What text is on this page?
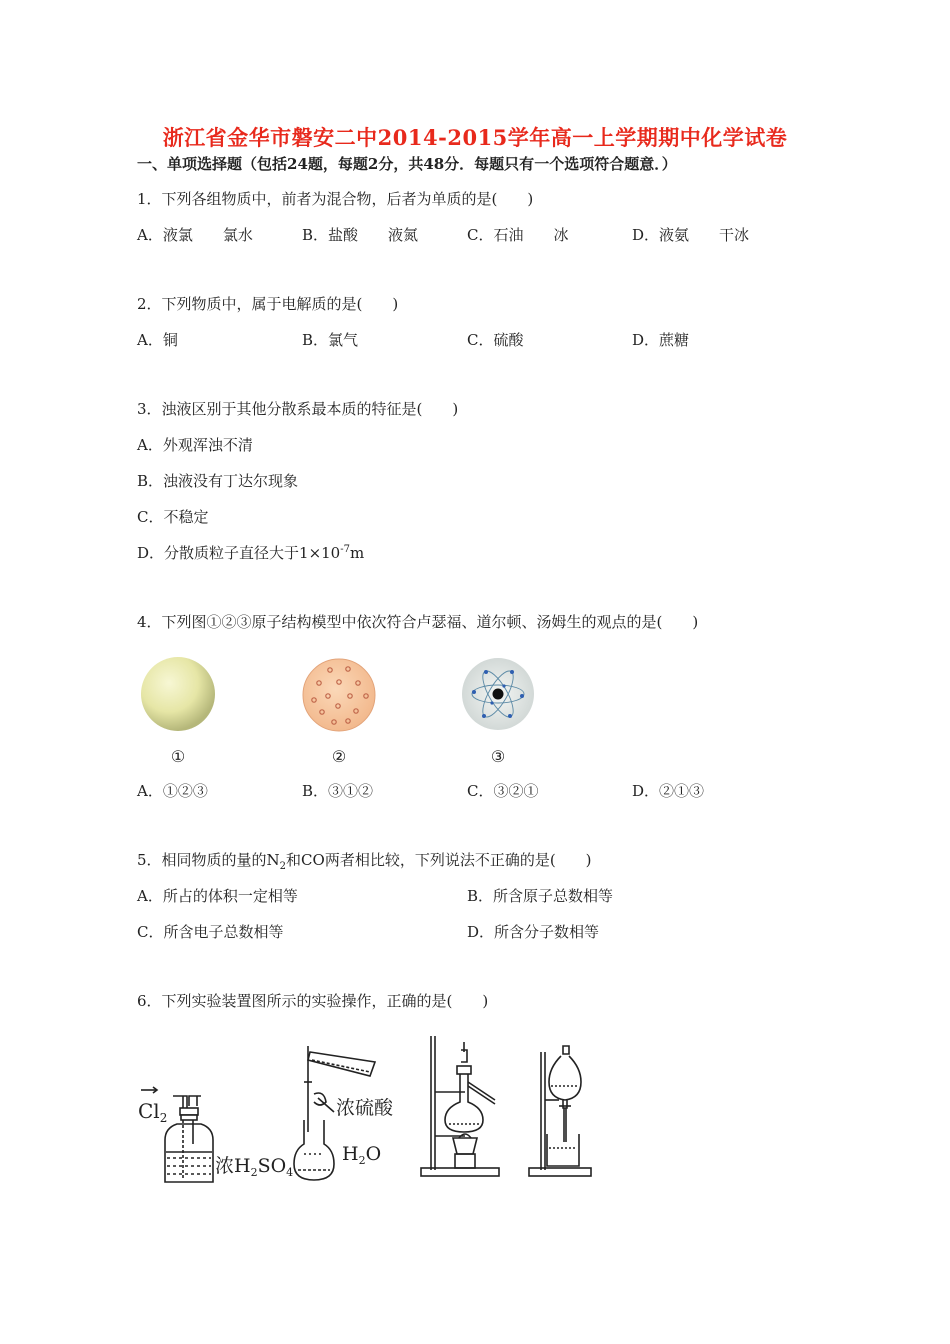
浙江省金华市磐安二中2014-2015学年高一上学期期中化学试卷
一、单项选择题（包括24题，每题2分，共48分．每题只有一个选项符合题意．）
1．下列各组物质中，前者为混合物，后者为单质的是(　　)
A．液氯　　氯水	B．盐酸　　液氮	C．石油　　冰	D．液氨　　干冰
2．下列物质中，属于电解质的是(　　)
A．铜	B．氯气	C．硫酸	D．蔗糖
3．浊液区别于其他分散系最本质的特征是(　　)
A．外观浑浊不清
B．浊液没有丁达尔现象
C．不稳定
D．分散质粒子直径大于$1\times 10^{-7}m$
4．下列图①②③原子结构模型中依次符合卢瑟福、道尔顿、汤姆生的观点的是(　　)
①	②	③
A．①②③	B．③①②	C．③②①	D．②①③
5．相同物质的量的$N_2$和CO两者相比较，下列说法不正确的是(　　)
A．所占的体积一定相等	B．所含原子总数相等
C．所含电子总数相等	D．所含分子数相等
6．下列实验装置图所示的实验操作，正确的是(　　)
$Cl_2$
浓$H_2SO_4$
浓硫酸
$H_2O$
